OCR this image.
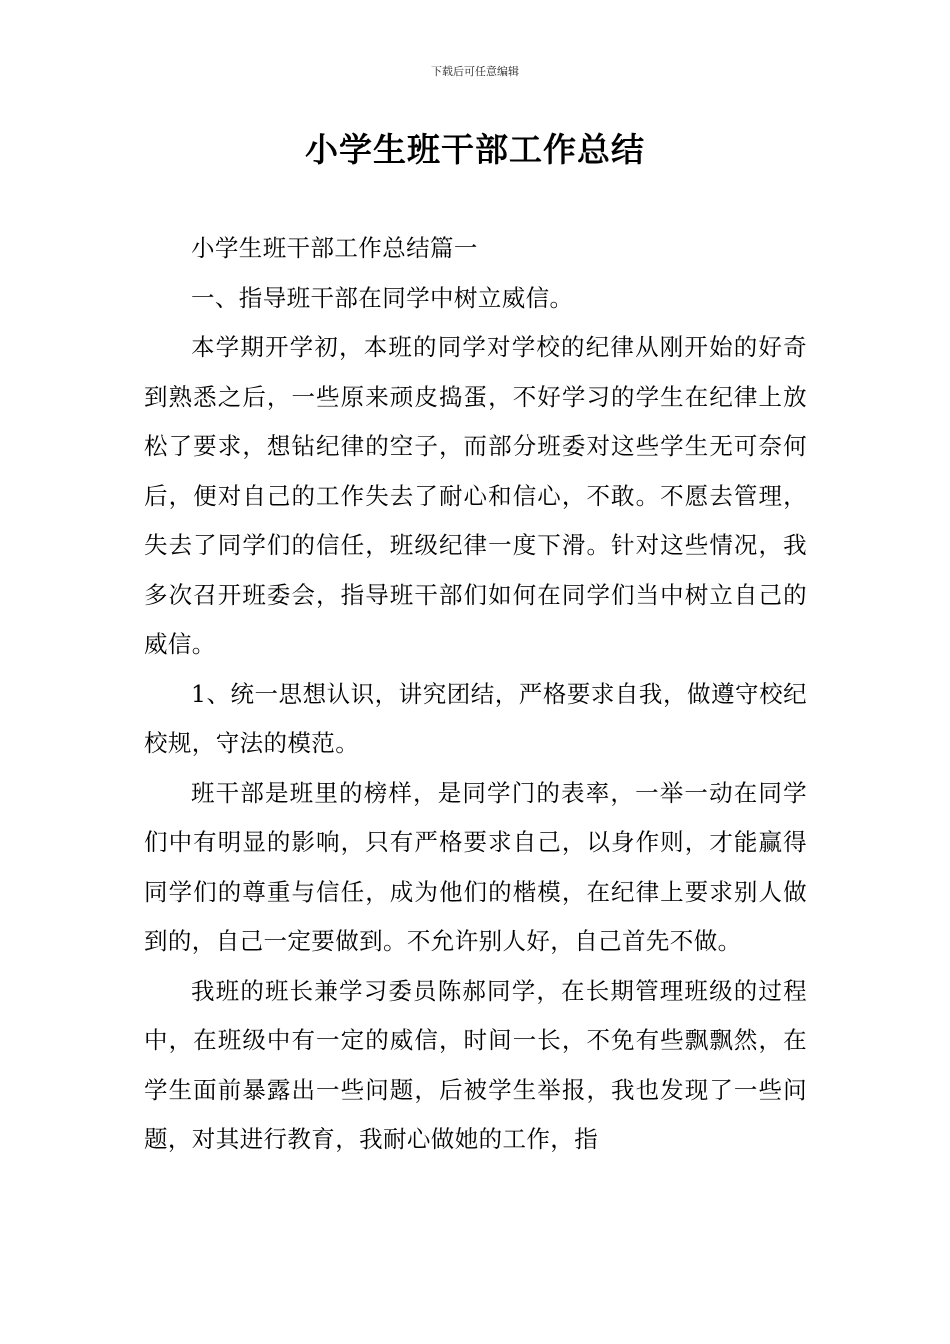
下载后可任意编辑
小学生班干部工作总结

小学生班干部工作总结篇一

一、指导班干部在同学中树立威信。

本学期开学初，本班的同学对学校的纪律从刚开始的好奇到熟悉之后，一些原来顽皮捣蛋，不好学习的学生在纪律上放松了要求，想钻纪律的空子，而部分班委对这些学生无可奈何后，便对自己的工作失去了耐心和信心，不敢。不愿去管理，失去了同学们的信任，班级纪律一度下滑。针对这些情况，我多次召开班委会，指导班干部们如何在同学们当中树立自己的威信。

1、统一思想认识，讲究团结，严格要求自我，做遵守校纪校规，守法的模范。

班干部是班里的榜样，是同学门的表率，一举一动在同学们中有明显的影响，只有严格要求自己，以身作则，才能赢得同学们的尊重与信任，成为他们的楷模，在纪律上要求别人做到的，自己一定要做到。不允许别人好，自己首先不做。

我班的班长兼学习委员陈郝同学，在长期管理班级的过程中，在班级中有一定的威信，时间一长，不免有些飘飘然，在学生面前暴露出一些问题，后被学生举报，我也发现了一些问题，对其进行教育，我耐心做她的工作，指
